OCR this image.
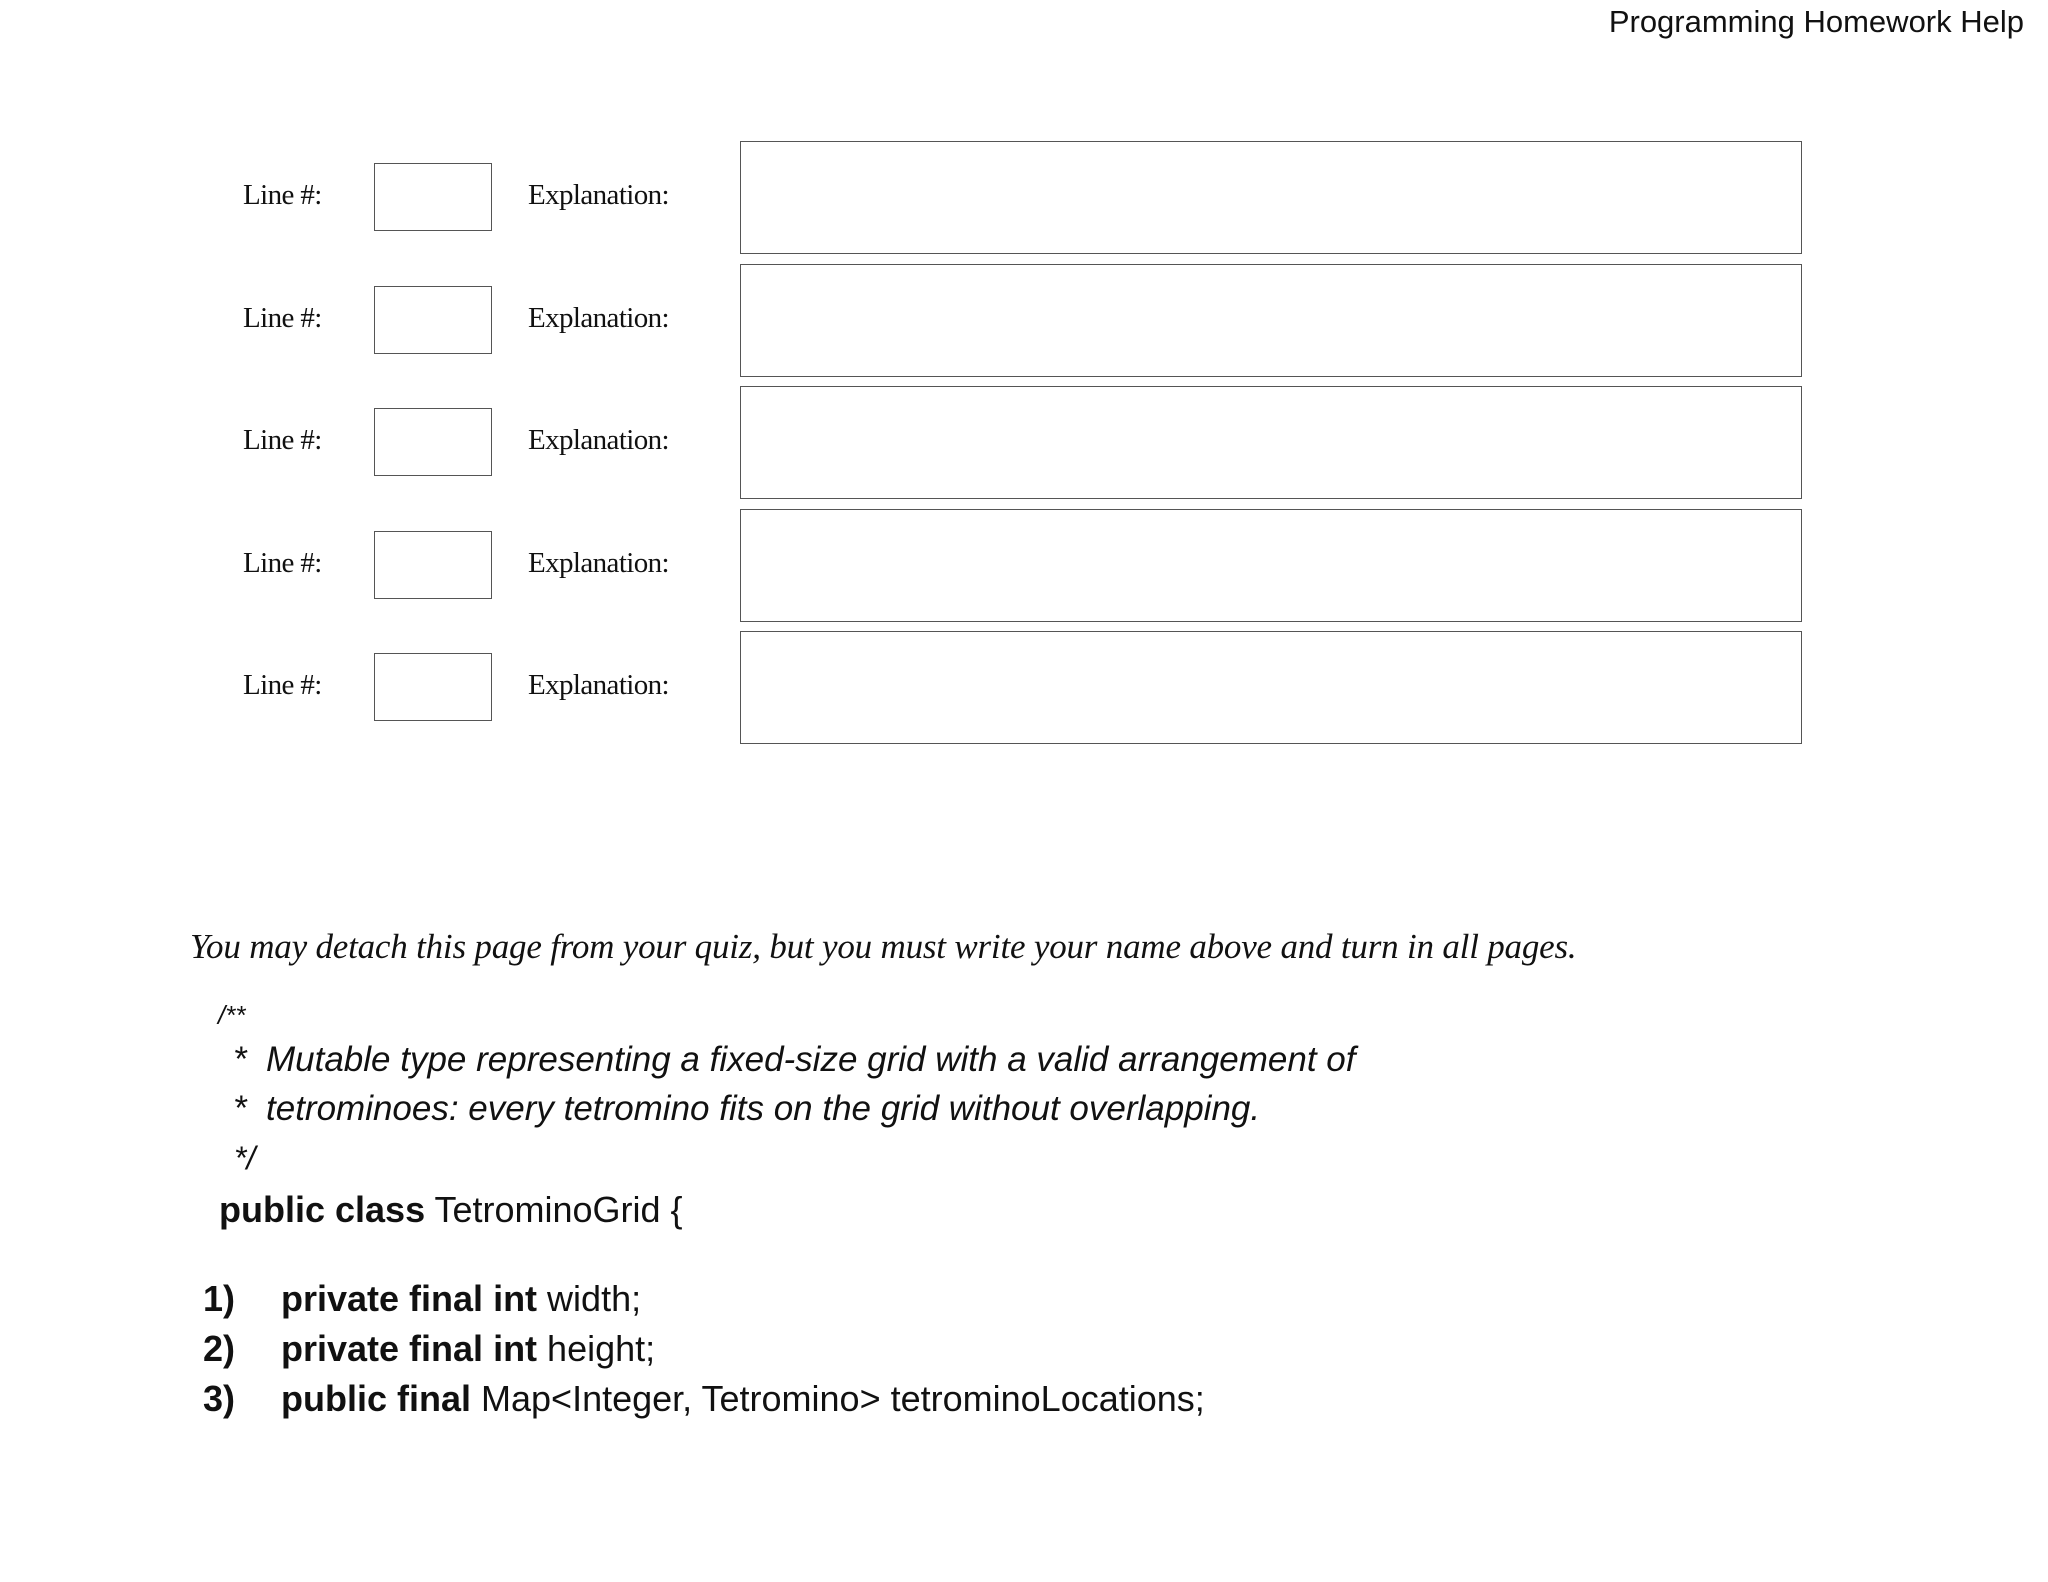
Programming Homework Help
Line #:	Explanation:
Line #:	Explanation:
Line #:	Explanation:
Line #:	Explanation:
Line #:	Explanation:
You may detach this page from your quiz, but you must write your name above and turn in all pages.
/**
* Mutable type representing a fixed-size grid with a valid arrangement of
* tetrominoes: every tetromino fits on the grid without overlapping.
*/
public class TetrominoGrid {
1) private final int width;
2) private final int height;
3) public final Map<Integer, Tetromino> tetrominoLocations;
